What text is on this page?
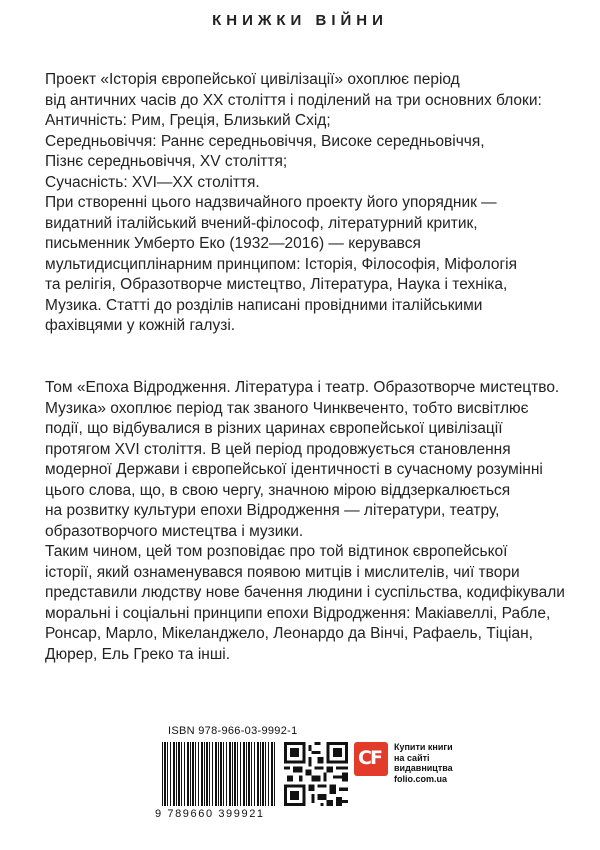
КНИЖКИ ВІЙНИ
Проект «Історія європейської цивілізації» охоплює період
від античних часів до XX століття і поділений на три основних блоки:
Античність: Рим, Греція, Близький Схід;
Середньовіччя: Раннє середньовіччя, Високе середньовіччя,
Пізнє середньовіччя, XV століття;
Сучасність: XVI—XX століття.
При створенні цього надзвичайного проекту його упорядник —
видатний італійський вчений-філософ, літературний критик,
письменник Умберто Еко (1932—2016) — керувався
мультидисциплінарним принципом: Історія, Філософія, Міфологія
та релігія, Образотворче мистецтво, Література, Наука і техніка,
Музика. Статті до розділів написані провідними італійськими
фахівцями у кожній галузі.
Том «Епоха Відродження. Література і театр. Образотворче мистецтво.
Музика» охоплює період так званого Чинквеченто, тобто висвітлює
події, що відбувалися в різних царинах європейської цивілізації
протягом XVI століття. В цей період продовжується становлення
модерної Держави і європейської ідентичності в сучасному розумінні
цього слова, що, в свою чергу, значною мірою віддзеркалюється
на розвитку культури епохи Відродження — літератури, театру,
образотворчого мистецтва і музики.
Таким чином, цей том розповідає про той відтинок європейської
історії, який ознаменувався появою митців і мислителів, чиї твори
представили людству нове бачення людини і суспільства, кодифікували
моральні і соціальні принципи епохи Відродження: Макіавеллі, Рабле,
Ронсар, Марло, Мікеланджело, Леонардо да Вінчі, Рафаель, Тіціан,
Дюрер, Ель Греко та інші.
ISBN 978-966-03-9992-1
9 789660 399921
CF Купити книги
на сайті
видавництва
folio.com.ua
